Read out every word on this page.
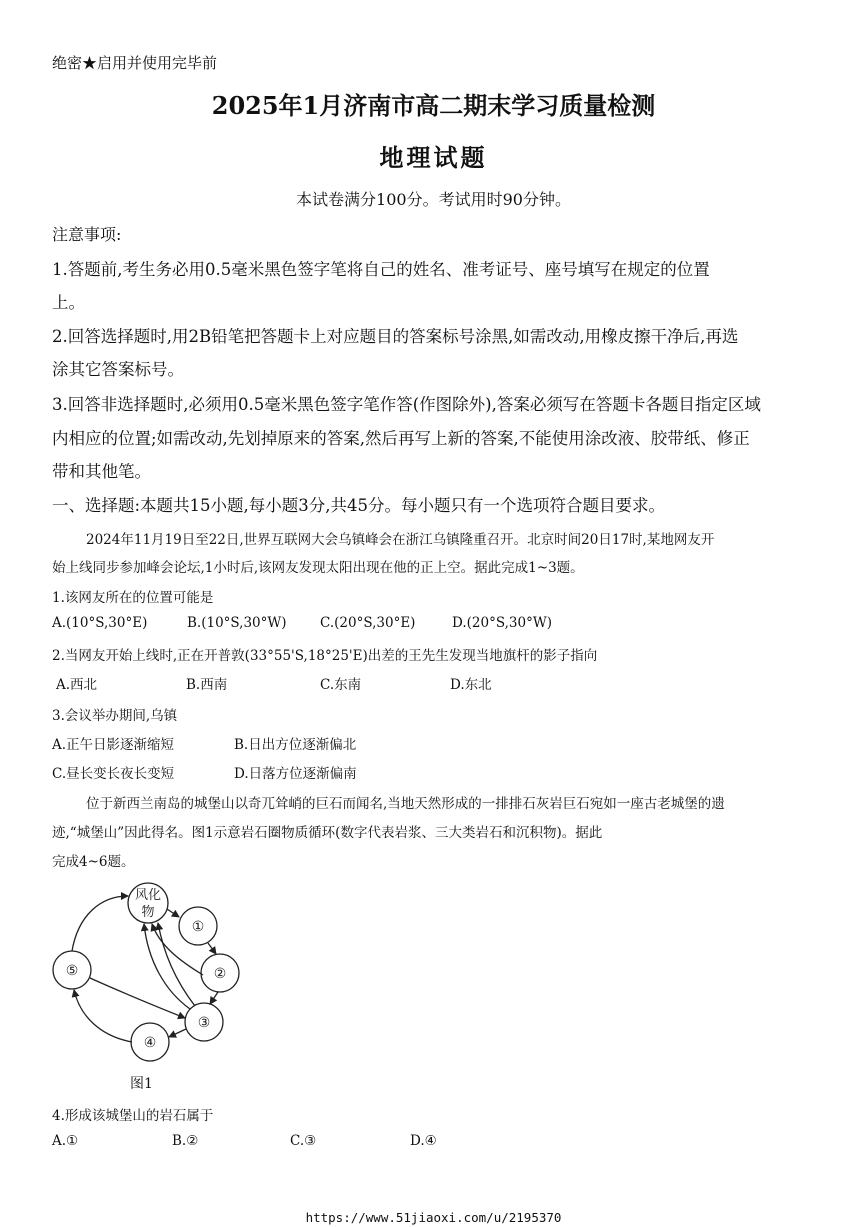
绝密★启用并使用完毕前
2025年1月济南市高二期末学习质量检测
地理试题
本试卷满分100分。考试用时90分钟。
注意事项:
1.答题前,考生务必用0.5毫米黑色签字笔将自己的姓名、准考证号、座号填写在规定的位置
上。
2.回答选择题时,用2B铅笔把答题卡上对应题目的答案标号涂黑,如需改动,用橡皮擦干净后,再选
涂其它答案标号。
3.回答非选择题时,必须用0.5毫米黑色签字笔作答(作图除外),答案必须写在答题卡各题目指定区域
内相应的位置;如需改动,先划掉原来的答案,然后再写上新的答案,不能使用涂改液、胶带纸、修正
带和其他笔。
一、选择题:本题共15小题,每小题3分,共45分。每小题只有一个选项符合题目要求。
2024年11月19日至22日,世界互联网大会乌镇峰会在浙江乌镇隆重召开。北京时间20日17时,某地网友开
始上线同步参加峰会论坛,1小时后,该网友发现太阳出现在他的正上空。据此完成1~3题。
1.该网友所在的位置可能是
A.(10°S,30°E)	B.(10°S,30°W) C.(20°S,30°E)	D.(20°S,30°W)
2.当网友开始上线时,正在开普敦(33°55'S,18°25'E)出差的王先生发现当地旗杆的影子指向
A.西北	B.西南	C.东南	D.东北
3.会议举办期间,乌镇
A.正午日影逐渐缩短	B.日出方位逐渐偏北
C.昼长变长夜长变短	D.日落方位逐渐偏南
位于新西兰南岛的城堡山以奇兀耸峭的巨石而闻名,当地天然形成的一排排石灰岩巨石宛如一座古老城堡的遗
迹,“城堡山”因此得名。图1示意岩石圈物质循环(数字代表岩浆、三大类岩石和沉积物)。据此
完成4~6题。
风化
物
①
②
③
④
⑤
图1
4.形成该城堡山的岩石属于
A.①	B.②	C.③	D.④
https://www.51jiaoxi.com/u/2195370
